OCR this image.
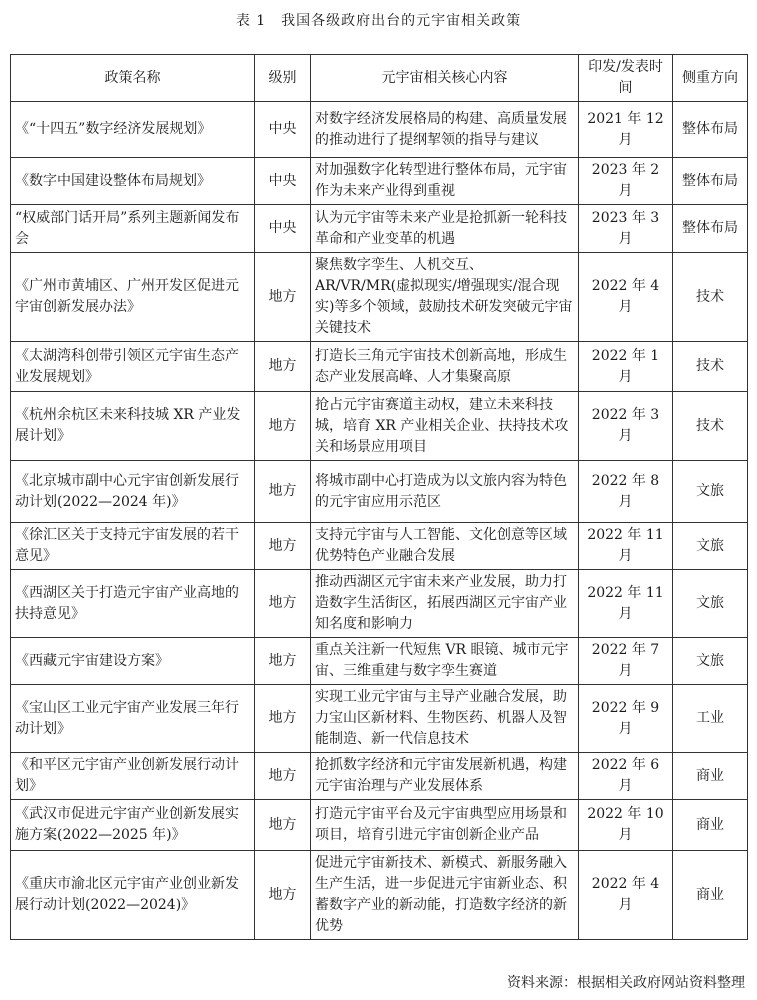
表 1　我国各级政府出台的元宇宙相关政策
政策名称	级别	元宇宙相关核心内容	印发/发表时间	侧重方向
《“十四五”数字经济发展规划》	中央	对数字经济发展格局的构建、高质量发展的推动进行了提纲挈领的指导与建议	2021 年 12 月	整体布局
《数字中国建设整体布局规划》	中央	对加强数字化转型进行整体布局，元宇宙作为未来产业得到重视	2023 年 2 月	整体布局
“权威部门话开局”系列主题新闻发布会	中央	认为元宇宙等未来产业是抢抓新一轮科技革命和产业变革的机遇	2023 年 3 月	整体布局
《广州市黄埔区、广州开发区促进元宇宙创新发展办法》	地方	聚焦数字孪生、人机交互、AR/VR/MR(虚拟现实/增强现实/混合现实)等多个领域，鼓励技术研发突破元宇宙关键技术	2022 年 4 月	技术
《太湖湾科创带引领区元宇宙生态产业发展规划》	地方	打造长三角元宇宙技术创新高地，形成生态产业发展高峰、人才集聚高原	2022 年 1 月	技术
《杭州余杭区未来科技城 XR 产业发展计划》	地方	抢占元宇宙赛道主动权，建立未来科技城，培育 XR 产业相关企业、扶持技术攻关和场景应用项目	2022 年 3 月	技术
《北京城市副中心元宇宙创新发展行动计划(2022—2024 年)》	地方	将城市副中心打造成为以文旅内容为特色的元宇宙应用示范区	2022 年 8 月	文旅
《徐汇区关于支持元宇宙发展的若干意见》	地方	支持元宇宙与人工智能、文化创意等区域优势特色产业融合发展	2022 年 11 月	文旅
《西湖区关于打造元宇宙产业高地的扶持意见》	地方	推动西湖区元宇宙未来产业发展，助力打造数字生活街区，拓展西湖区元宇宙产业知名度和影响力	2022 年 11 月	文旅
《西藏元宇宙建设方案》	地方	重点关注新一代短焦 VR 眼镜、城市元宇宙、三维重建与数字孪生赛道	2022 年 7 月	文旅
《宝山区工业元宇宙产业发展三年行动计划》	地方	实现工业元宇宙与主导产业融合发展，助力宝山区新材料、生物医药、机器人及智能制造、新一代信息技术	2022 年 9 月	工业
《和平区元宇宙产业创新发展行动计划》	地方	抢抓数字经济和元宇宙发展新机遇，构建元宇宙治理与产业发展体系	2022 年 6 月	商业
《武汉市促进元宇宙产业创新发展实施方案(2022—2025 年)》	地方	打造元宇宙平台及元宇宙典型应用场景和项目，培育引进元宇宙创新企业产品	2022 年 10 月	商业
《重庆市渝北区元宇宙产业创业新发展行动计划(2022—2024)》	地方	促进元宇宙新技术、新模式、新服务融入生产生活，进一步促进元宇宙新业态、积蓄数字产业的新动能，打造数字经济的新优势	2022 年 4 月	商业
资料来源：根据相关政府网站资料整理
